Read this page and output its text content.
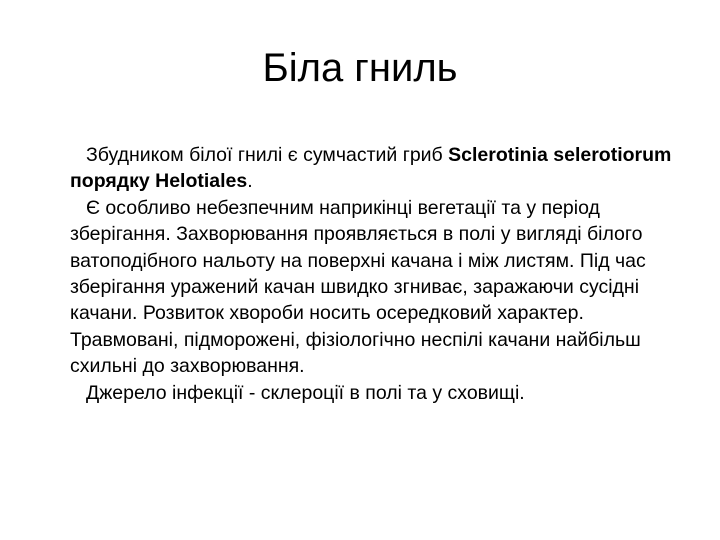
Біла гниль

Збудником білої гнилі є сумчастий гриб Sclerotinia selerotiorum порядку Helotiales.

Є особливо небезпечним наприкінці вегетації та у період зберігання. Захворювання проявляється в полі у вигляді білого ватоподібного нальоту на поверхні качана і між листям. Під час зберігання уражений качан швидко згниває, заражаючи сусідні качани. Розвиток хвороби носить осередковий характер. Травмовані, підморожені, фізіологічно неспілі качани найбільш схильні до захворювання.

Джерело інфекції - склероції в полі та у сховищі.
